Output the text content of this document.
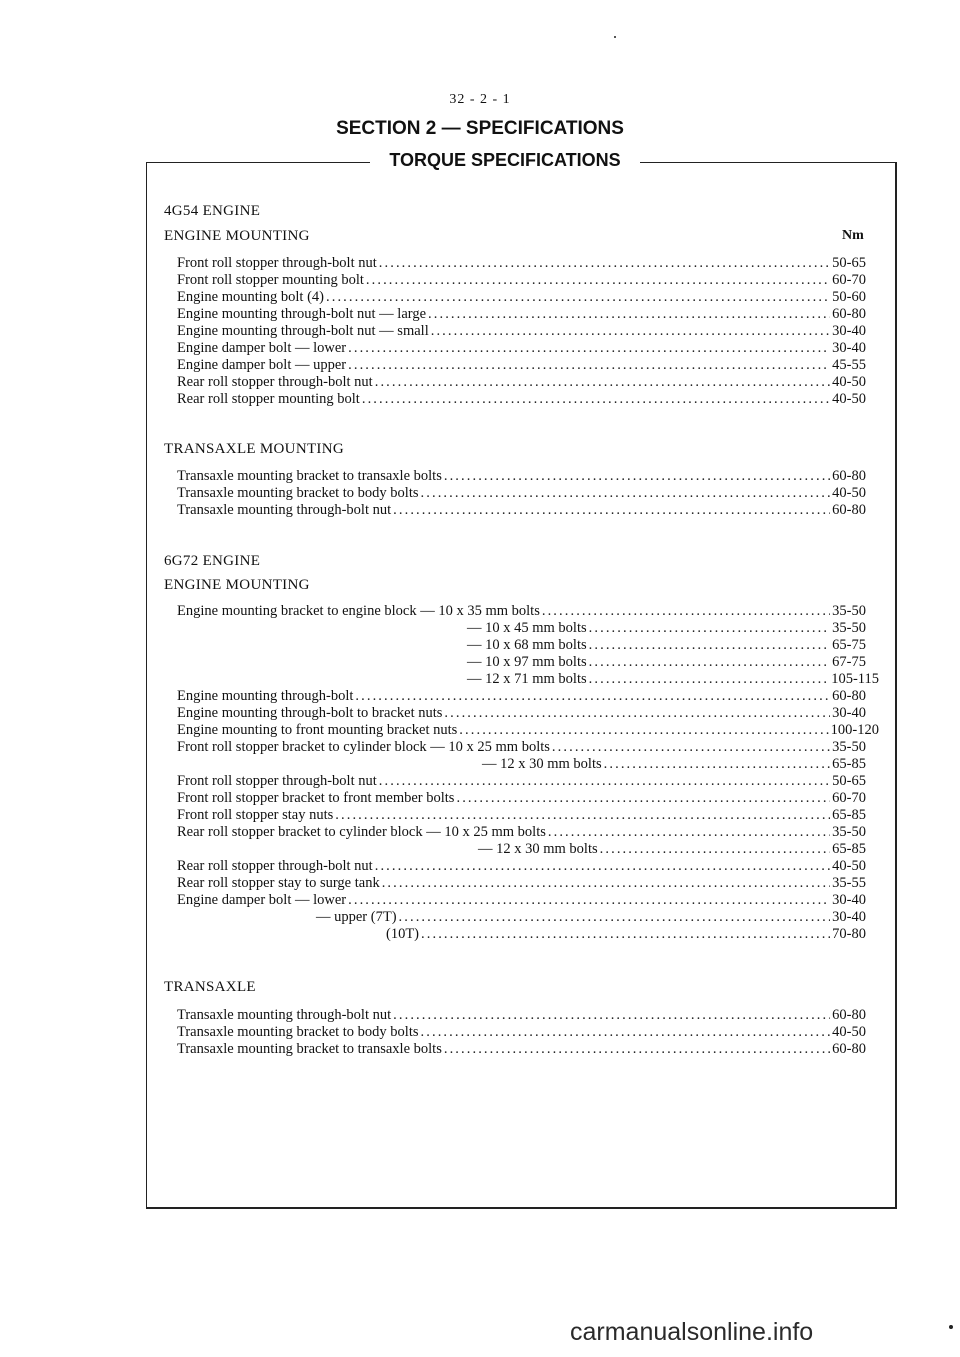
32 - 2 - 1
SECTION 2 — SPECIFICATIONS
TORQUE SPECIFICATIONS
4G54 ENGINE
ENGINE MOUNTING	Nm
Front roll stopper through-bolt nut .....	50-65
Front roll stopper mounting bolt .....	60-70
Engine mounting bolt (4) .....	50-60
Engine mounting through-bolt nut — large .....	60-80
Engine mounting through-bolt nut — small .....	30-40
Engine damper bolt — lower .....	30-40
Engine damper bolt — upper .....	45-55
Rear roll stopper through-bolt nut .....	40-50
Rear roll stopper mounting bolt .....	40-50
TRANSAXLE MOUNTING
Transaxle mounting bracket to transaxle bolts .....	60-80
Transaxle mounting bracket to body bolts .....	40-50
Transaxle mounting through-bolt nut .....	60-80
6G72 ENGINE
ENGINE MOUNTING
Engine mounting bracket to engine block — 10 x 35 mm bolts .....	35-50
— 10 x 45 mm bolts .....	35-50
— 10 x 68 mm bolts .....	65-75
— 10 x 97 mm bolts .....	67-75
— 12 x 71 mm bolts .....	105-115
Engine mounting through-bolt .....	60-80
Engine mounting through-bolt to bracket nuts .....	30-40
Engine mounting to front mounting bracket nuts .....	100-120
Front roll stopper bracket to cylinder block — 10 x 25 mm bolts .....	35-50
— 12 x 30 mm bolts .....	65-85
Front roll stopper through-bolt nut .....	50-65
Front roll stopper bracket to front member bolts .....	60-70
Front roll stopper stay nuts .....	65-85
Rear roll stopper bracket to cylinder block — 10 x 25 mm bolts .....	35-50
— 12 x 30 mm bolts .....	65-85
Rear roll stopper through-bolt nut .....	40-50
Rear roll stopper stay to surge tank .....	35-55
Engine damper bolt — lower .....	30-40
— upper (7T) .....	30-40
(10T) .....	70-80
TRANSAXLE
Transaxle mounting through-bolt nut .....	60-80
Transaxle mounting bracket to body bolts .....	40-50
Transaxle mounting bracket to transaxle bolts .....	60-80
carmanualsonline.info
